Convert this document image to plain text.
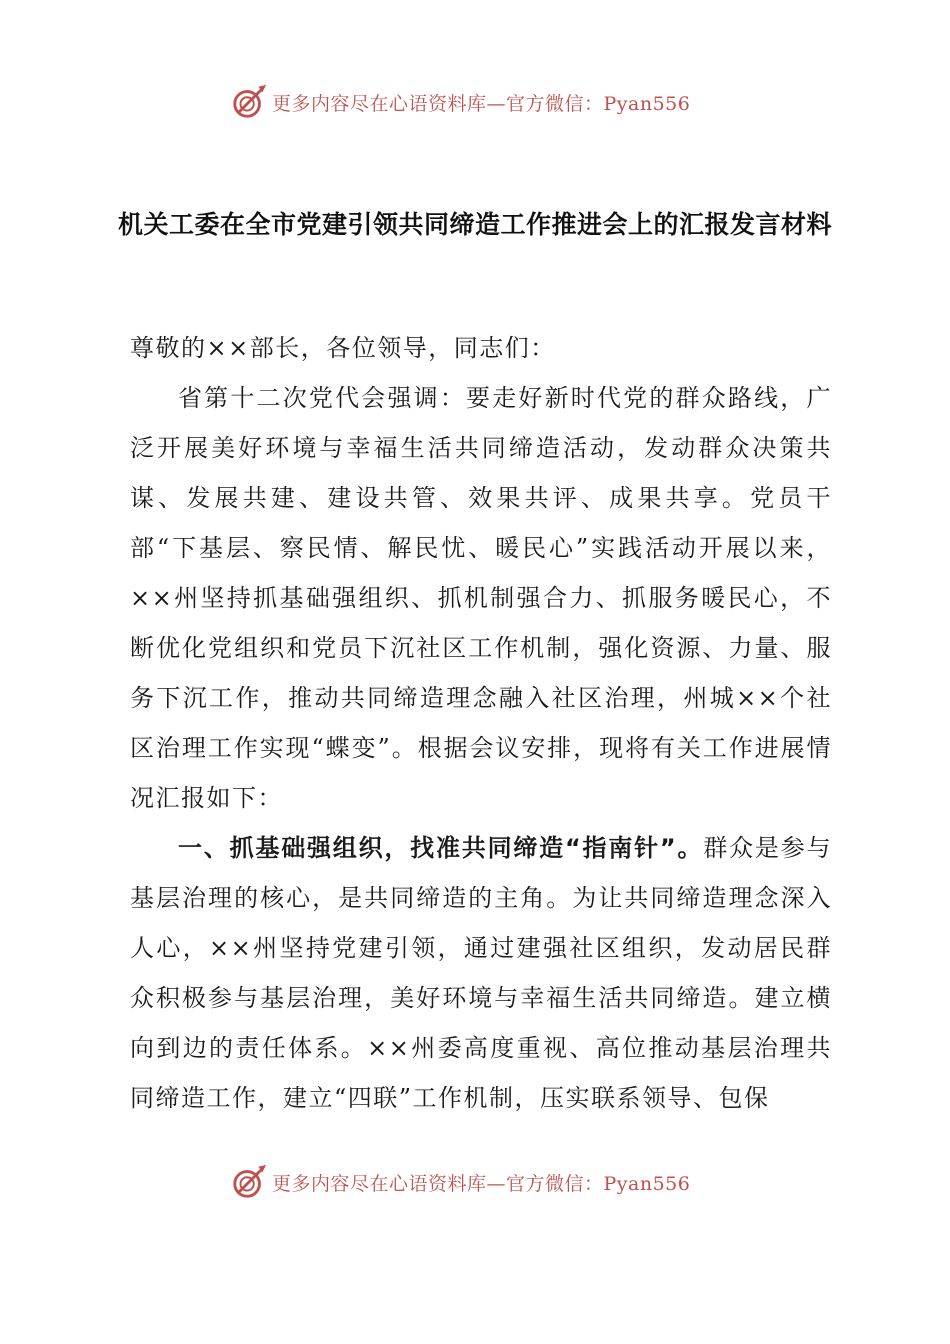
更多内容尽在心语资料库—官方微信：Pyan556
机关工委在全市党建引领共同缔造工作推进会上的汇报发言材料

尊敬的××部长，各位领导，同志们：

省第十二次党代会强调：要走好新时代党的群众路线，广泛开展美好环境与幸福生活共同缔造活动，发动群众决策共谋、发展共建、建设共管、效果共评、成果共享。党员干部“下基层、察民情、解民忧、暖民心”实践活动开展以来，××州坚持抓基础强组织、抓机制强合力、抓服务暖民心，不断优化党组织和党员下沉社区工作机制，强化资源、力量、服务下沉工作，推动共同缔造理念融入社区治理，州城××个社区治理工作实现“蝶变”。根据会议安排，现将有关工作进展情况汇报如下：

一、抓基础强组织，找准共同缔造“指南针”。群众是参与基层治理的核心，是共同缔造的主角。为让共同缔造理念深入人心，××州坚持党建引领，通过建强社区组织，发动居民群众积极参与基层治理，美好环境与幸福生活共同缔造。建立横向到边的责任体系。××州委高度重视、高位推动基层治理共同缔造工作，建立“四联”工作机制，压实联系领导、包保

更多内容尽在心语资料库—官方微信：Pyan556
